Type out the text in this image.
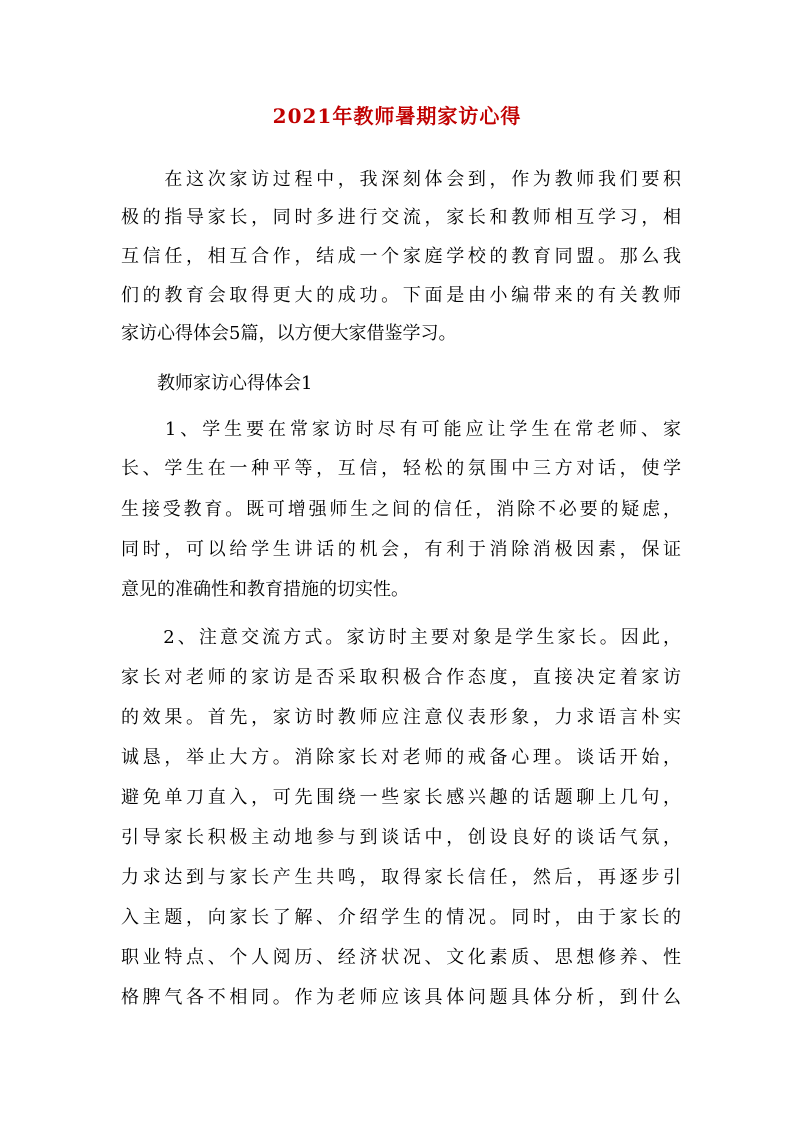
2021年教师暑期家访心得
　　在这次家访过程中，我深刻体会到，作为教师我们要积
极的指导家长，同时多进行交流，家长和教师相互学习，相
互信任，相互合作，结成一个家庭学校的教育同盟。那么我
们的教育会取得更大的成功。下面是由小编带来的有关教师
家访心得体会5篇，以方便大家借鉴学习。
　　教师家访心得体会1
　　1、学生要在常家访时尽有可能应让学生在常老师、家
长、学生在一种平等，互信，轻松的氛围中三方对话，使学
生接受教育。既可增强师生之间的信任，消除不必要的疑虑，
同时，可以给学生讲话的机会，有利于消除消极因素，保证
意见的准确性和教育措施的切实性。
　　2、注意交流方式。家访时主要对象是学生家长。因此，
家长对老师的家访是否采取积极合作态度，直接决定着家访
的效果。首先，家访时教师应注意仪表形象，力求语言朴实
诚恳，举止大方。消除家长对老师的戒备心理。谈话开始，
避免单刀直入，可先围绕一些家长感兴趣的话题聊上几句，
引导家长积极主动地参与到谈话中，创设良好的谈话气氛，
力求达到与家长产生共鸣，取得家长信任，然后，再逐步引
入主题，向家长了解、介绍学生的情况。同时，由于家长的
职业特点、个人阅历、经济状况、文化素质、思想修养、性
格脾气各不相同。作为老师应该具体问题具体分析，到什么
